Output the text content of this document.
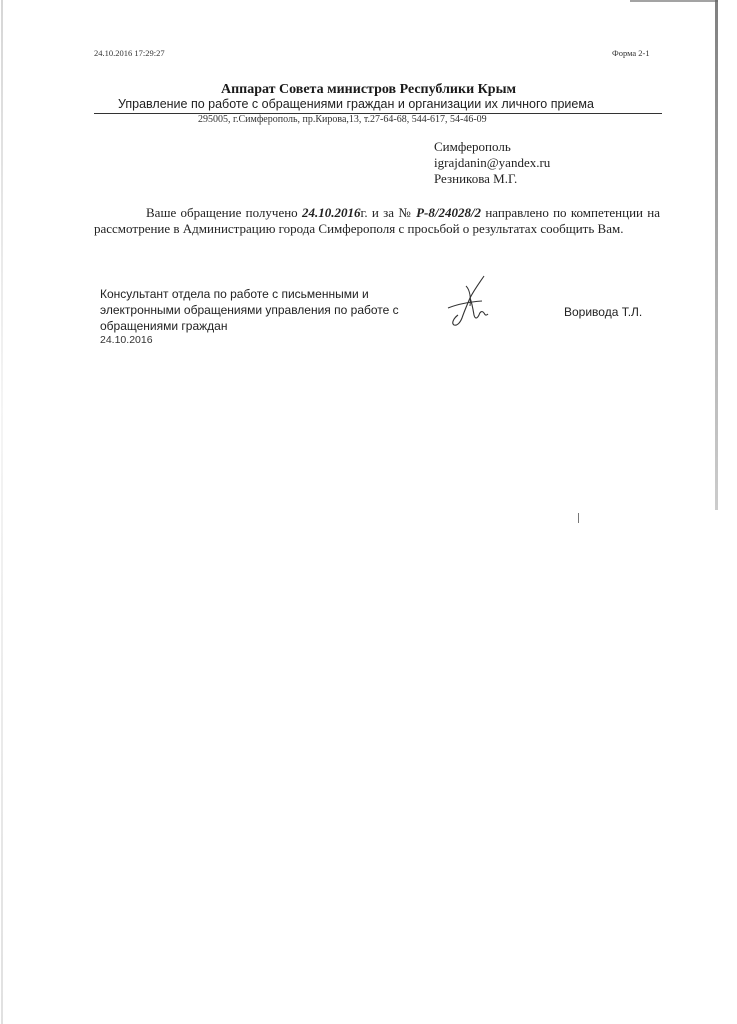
24.10.2016 17:29:27	Форма 2-1
Аппарат Совета министров Республики Крым
Управление по работе с обращениями граждан и организации их личного приема
295005, г.Симферополь, пр.Кирова,13, т.27-64-68, 544-617, 54-46-09
Симферополь
igrajdanin@yandex.ru
Резникова М.Г.
Ваше обращение получено 24.10.2016г. и за № Р-8/24028/2 направлено по компетенции на рассмотрение в Администрацию города Симферополя с просьбой о результатах сообщить Вам.
Консультант отдела по работе с письменными и электронными обращениями управления по работе с обращениями граждан
24.10.2016
Воривода Т.Л.
